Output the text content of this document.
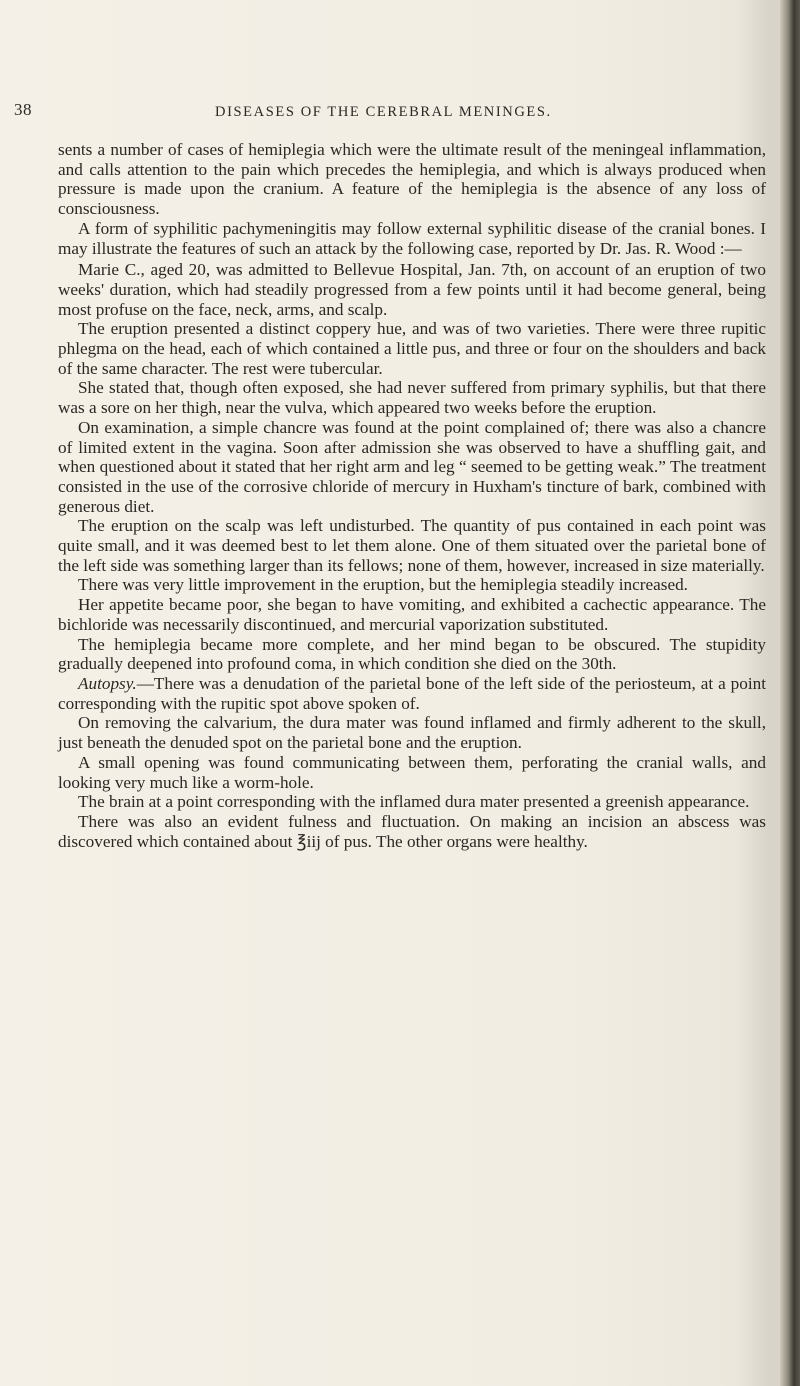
38	DISEASES OF THE CEREBRAL MENINGES.

sents a number of cases of hemiplegia which were the ultimate result of the meningeal inflammation, and calls attention to the pain which precedes the hemiplegia, and which is always produced when pressure is made upon the cranium. A feature of the hemiplegia is the absence of any loss of consciousness.

A form of syphilitic pachymeningitis may follow external syphilitic disease of the cranial bones. I may illustrate the features of such an attack by the following case, reported by Dr. Jas. R. Wood :—

Marie C., aged 20, was admitted to Bellevue Hospital, Jan. 7th, on account of an eruption of two weeks' duration, which had steadily progressed from a few points until it had become general, being most profuse on the face, neck, arms, and scalp.

The eruption presented a distinct coppery hue, and was of two varieties. There were three rupitic phlegma on the head, each of which contained a little pus, and three or four on the shoulders and back of the same character. The rest were tubercular.

She stated that, though often exposed, she had never suffered from primary syphilis, but that there was a sore on her thigh, near the vulva, which appeared two weeks before the eruption.

On examination, a simple chancre was found at the point complained of; there was also a chancre of limited extent in the vagina. Soon after admission she was observed to have a shuffling gait, and when questioned about it stated that her right arm and leg “ seemed to be getting weak.” The treatment consisted in the use of the corrosive chloride of mercury in Huxham's tincture of bark, combined with generous diet.

The eruption on the scalp was left undisturbed. The quantity of pus contained in each point was quite small, and it was deemed best to let them alone. One of them situated over the parietal bone of the left side was something larger than its fellows; none of them, however, increased in size materially.

There was very little improvement in the eruption, but the hemiplegia steadily increased.

Her appetite became poor, she began to have vomiting, and exhibited a cachectic appearance. The bichloride was necessarily discontinued, and mercurial vaporization substituted.

The hemiplegia became more complete, and her mind began to be obscured. The stupidity gradually deepened into profound coma, in which condition she died on the 30th.

Autopsy.—There was a denudation of the parietal bone of the left side of the periosteum, at a point corresponding with the rupitic spot above spoken of.

On removing the calvarium, the dura mater was found inflamed and firmly adherent to the skull, just beneath the denuded spot on the parietal bone and the eruption.

A small opening was found communicating between them, perforating the cranial walls, and looking very much like a worm-hole.

The brain at a point corresponding with the inflamed dura mater presented a greenish appearance.

There was also an evident fulness and fluctuation. On making an incision an abscess was discovered which contained about ℥iij of pus. The other organs were healthy.
